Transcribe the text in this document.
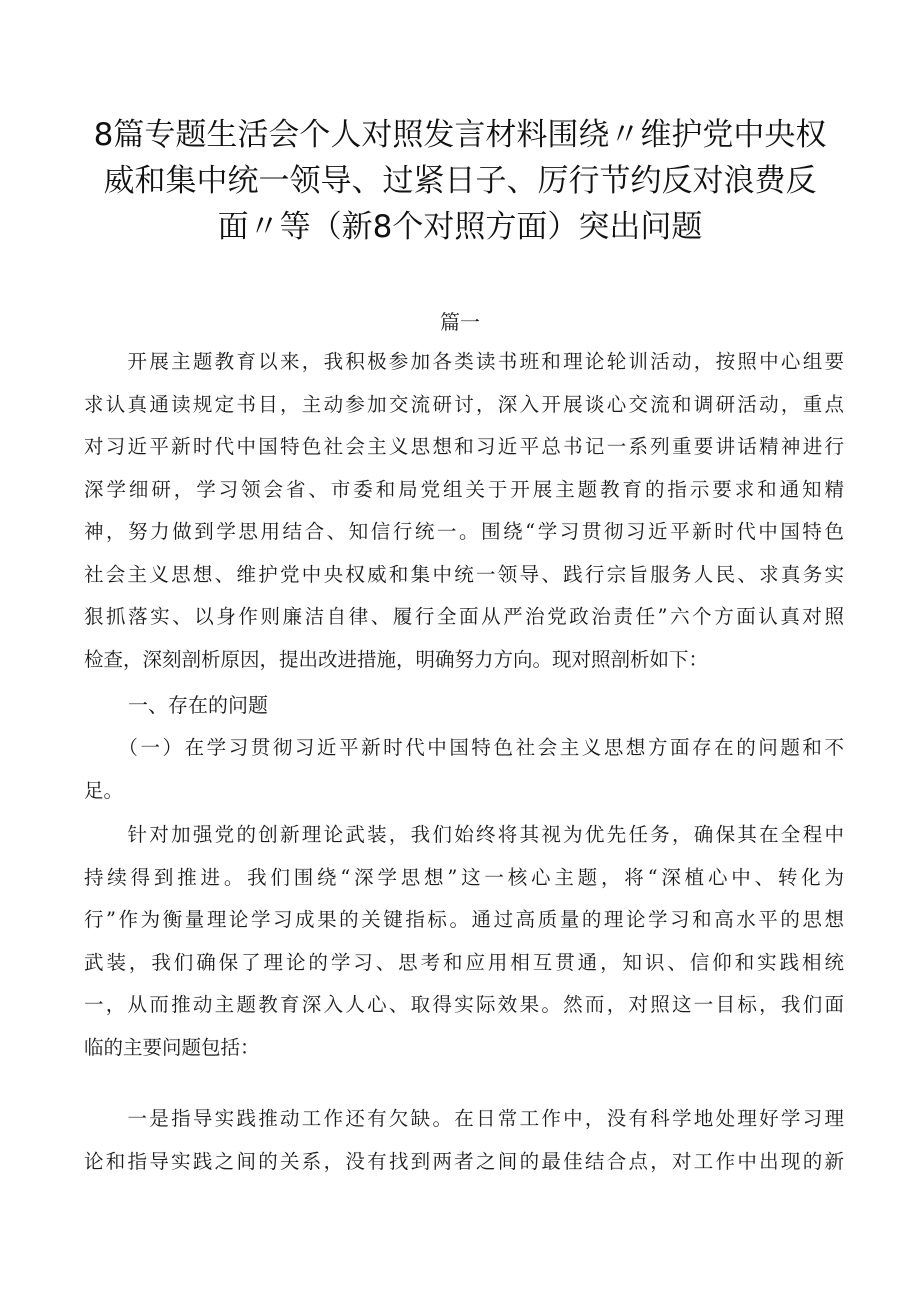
8篇专题生活会个人对照发言材料围绕〃维护党中央权
威和集中统一领导、过紧日子、厉行节约反对浪费反
面〃等（新8个对照方面）突出问题
篇一

　　开展主题教育以来，我积极参加各类读书班和理论轮训活动，按照中心组要
求认真通读规定书目，主动参加交流研讨，深入开展谈心交流和调研活动，重点
对习近平新时代中国特色社会主义思想和习近平总书记一系列重要讲话精神进行
深学细研，学习领会省、市委和局党组关于开展主题教育的指示要求和通知精
神，努力做到学思用结合、知信行统一。围绕“学习贯彻习近平新时代中国特色
社会主义思想、维护党中央权威和集中统一领导、践行宗旨服务人民、求真务实
狠抓落实、以身作则廉洁自律、履行全面从严治党政治责任”六个方面认真对照
检查，深刻剖析原因，提出改进措施，明确努力方向。现对照剖析如下：

一、存在的问题

　　（一）在学习贯彻习近平新时代中国特色社会主义思想方面存在的问题和不
足。

　　针对加强党的创新理论武装，我们始终将其视为优先任务，确保其在全程中
持续得到推进。我们围绕“深学思想”这一核心主题，将“深植心中、转化为
行”作为衡量理论学习成果的关键指标。通过高质量的理论学习和高水平的思想
武装，我们确保了理论的学习、思考和应用相互贯通，知识、信仰和实践相统
一，从而推动主题教育深入人心、取得实际效果。然而，对照这一目标，我们面
临的主要问题包括：

　　一是指导实践推动工作还有欠缺。在日常工作中，没有科学地处理好学习理
论和指导实践之间的关系，没有找到两者之间的最佳结合点，对工作中出现的新
